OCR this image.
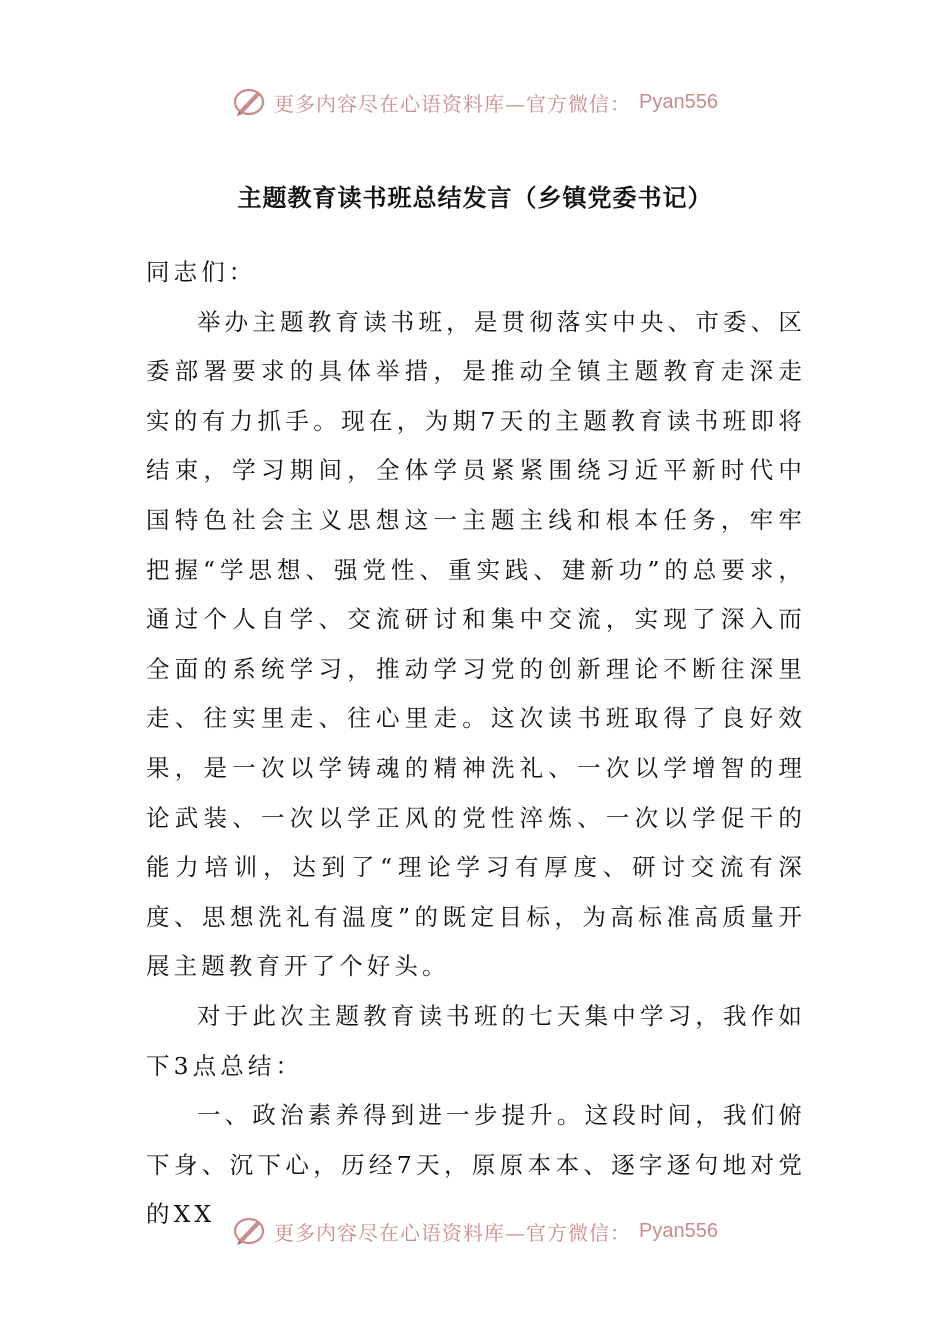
更多内容尽在心语资料库—官方微信： Pyan556
主题教育读书班总结发言（乡镇党委书记）

同志们：

举办主题教育读书班，是贯彻落实中央、市委、区委部署要求的具体举措，是推动全镇主题教育走深走实的有力抓手。现在，为期7天的主题教育读书班即将结束，学习期间，全体学员紧紧围绕习近平新时代中国特色社会主义思想这一主题主线和根本任务，牢牢把握“学思想、强党性、重实践、建新功”的总要求，通过个人自学、交流研讨和集中交流，实现了深入而全面的系统学习，推动学习党的创新理论不断往深里走、往实里走、往心里走。这次读书班取得了良好效果，是一次以学铸魂的精神洗礼、一次以学增智的理论武装、一次以学正风的党性淬炼、一次以学促干的能力培训，达到了“理论学习有厚度、研讨交流有深度、思想洗礼有温度”的既定目标，为高标准高质量开展主题教育开了个好头。

对于此次主题教育读书班的七天集中学习，我作如下3点总结：

一、政治素养得到进一步提升。这段时间，我们俯下身、沉下心，历经7天，原原本本、逐字逐句地对党的XX

更多内容尽在心语资料库—官方微信： Pyan556
